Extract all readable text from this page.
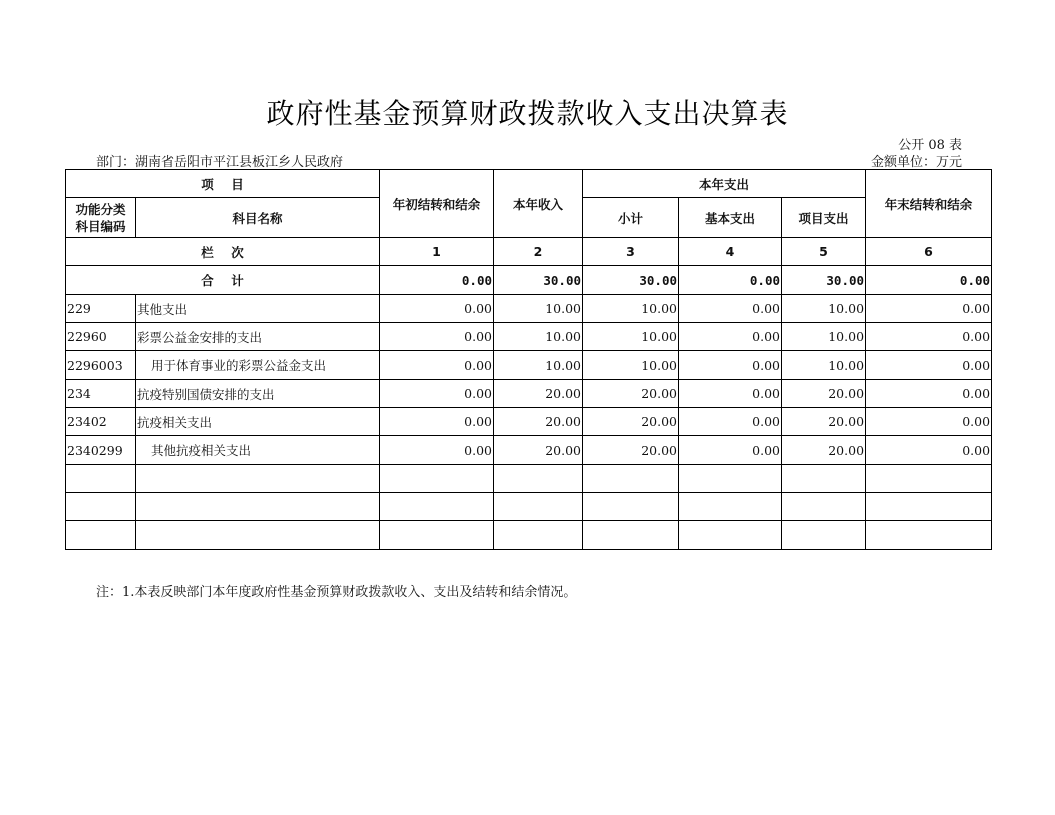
政府性基金预算财政拨款收入支出决算表
公开 08 表
部门：湖南省岳阳市平江县板江乡人民政府	金额单位：万元
项    目		年初结转和结余	本年收入	本年支出			年末结转和结余
功能分类
科目编码	科目名称			小计	基本支出	项目支出	
栏    次		1	2	3	4	5	6
合    计		0.00	30.00	30.00	0.00	30.00	0.00
229	其他支出	0.00	10.00	10.00	0.00	10.00	0.00
22960	彩票公益金安排的支出	0.00	10.00	10.00	0.00	10.00	0.00
2296003	用于体育事业的彩票公益金支出	0.00	10.00	10.00	0.00	10.00	0.00
234	抗疫特别国债安排的支出	0.00	20.00	20.00	0.00	20.00	0.00
23402	抗疫相关支出	0.00	20.00	20.00	0.00	20.00	0.00
2340299	其他抗疫相关支出	0.00	20.00	20.00	0.00	20.00	0.00

注：1.本表反映部门本年度政府性基金预算财政拨款收入、支出及结转和结余情况。
